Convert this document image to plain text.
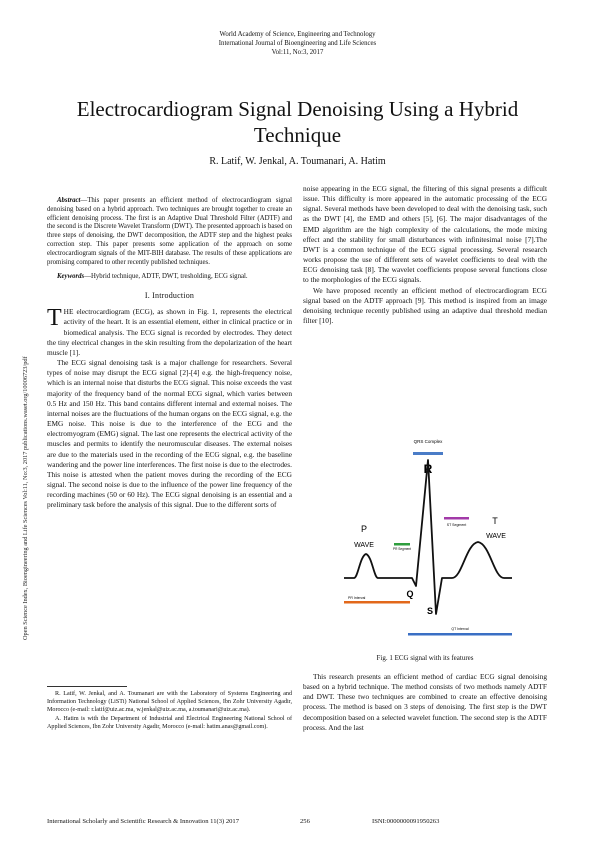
World Academy of Science, Engineering and Technology
International Journal of Bioengineering and Life Sciences
Vol:11, No:3, 2017
Electrocardiogram Signal Denoising Using a Hybrid Technique
R. Latif, W. Jenkal, A. Toumanari, A. Hatim
Open Science Index, Bioengineering and Life Sciences Vol:11, No:3, 2017 publications.waset.org/10006723/pdf

Abstract—This paper presents an efficient method of electrocardiogram signal denoising based on a hybrid approach. Two techniques are brought together to create an efficient denoising process. The first is an Adaptive Dual Threshold Filter (ADTF) and the second is the Discrete Wavelet Transform (DWT). The presented approach is based on three steps of denoising, the DWT decomposition, the ADTF step and the highest peaks correction step. This paper presents some application of the approach on some electrocardiogram signals of the MIT-BIH database. The results of these applications are promising compared to other recently published techniques.

Keywords—Hybrid technique, ADTF, DWT, tresholding, ECG signal.

I. Introduction

THE electrocardiogram (ECG), as shown in Fig. 1, represents the electrical activity of the heart. It is an essential element, either in clinical practice or in biomedical analysis. The ECG signal is recorded by electrodes. They detect the tiny electrical changes in the skin resulting from the depolarization of the heart muscle [1].

The ECG signal denoising task is a major challenge for researchers. Several types of noise may disrupt the ECG signal [2]-[4] e.g. the high-frequency noise, which is an internal noise that disturbs the ECG signal. This noise exceeds the vast majority of the frequency band of the normal ECG signal, which varies between 0.5 Hz and 150 Hz. This band contains different internal and external noises. The internal noises are the fluctuations of the human organs on the ECG signal, e.g. the EMG noise. This noise is due to the interference of the ECG and the electromyogram (EMG) signal. The last one represents the electrical activity of the muscles and permits to identify the neuromuscular diseases. The external noises are due to the materials used in the recording of the ECG signal, e.g. the baseline wandering and the power line interferences. The first noise is due to the electrodes. This noise is attested when the patient moves during the recording of the ECG signal. The second noise is due to the influence of the power line frequency of the recording machines (50 or 60 Hz). The ECG signal denoising is an essential and a preliminary task before the analysis of this signal. Due to the different sorts of

R. Latif, W. Jenkal, and A. Toumanari are with the Laboratory of Systems Engineering and Information Technology (LiSTi) National School of Applied Sciences, Ibn Zohr University Agadir, Morocco (e-mail: r.latif@uiz.ac.ma, w.jenkal@uiz.ac.ma, a.toumanari@uiz.ac.ma).

A. Hatim is with the Department of Industrial and Electrical Engineering National School of Applied Sciences, Ibn Zohr University Agadir, Morocco (e-mail: hatim.anas@gmail.com).

noise appearing in the ECG signal, the filtering of this signal presents a difficult issue. This difficulty is more appeared in the automatic processing of the ECG signal. Several methods have been developed to deal with the denoising task, such as the DWT [4], the EMD and others [5], [6]. The major disadvantages of the EMD algorithm are the high complexity of the calculations, the mode mixing effect and the stability for small disturbances with infinitesimal noise [7].The DWT is a common technique of the ECG signal processing. Several research works propose the use of different sets of wavelet coefficients to deal with the ECG denoising task [8]. The wavelet coefficients propose several functions close to the morphologies of the ECG signals.

We have proposed recently an efficient method of electrocardiogram ECG signal based on the ADTF approach [9]. This method is inspired from an image denoising technique recently published using an adaptive dual threshold median filter [10].

QRS Complex
R
PR Segment
ST Segment
P
WAVE
T
WAVE
Q
S
PR Interval
QT Interval
Fig. 1 ECG signal with its features

This research presents an efficient method of cardiac ECG signal denoising based on a hybrid technique. The method consists of two methods namely ADTF and DWT. These two techniques are combined to create an effective denoising process. The method is based on 3 steps of denoising. The first step is the DWT decomposition based on a selected wavelet function. The second step is the ADTF process. And the last

International Scholarly and Scientific Research & Innovation 11(3) 2017	256	ISNI:0000000091950263
